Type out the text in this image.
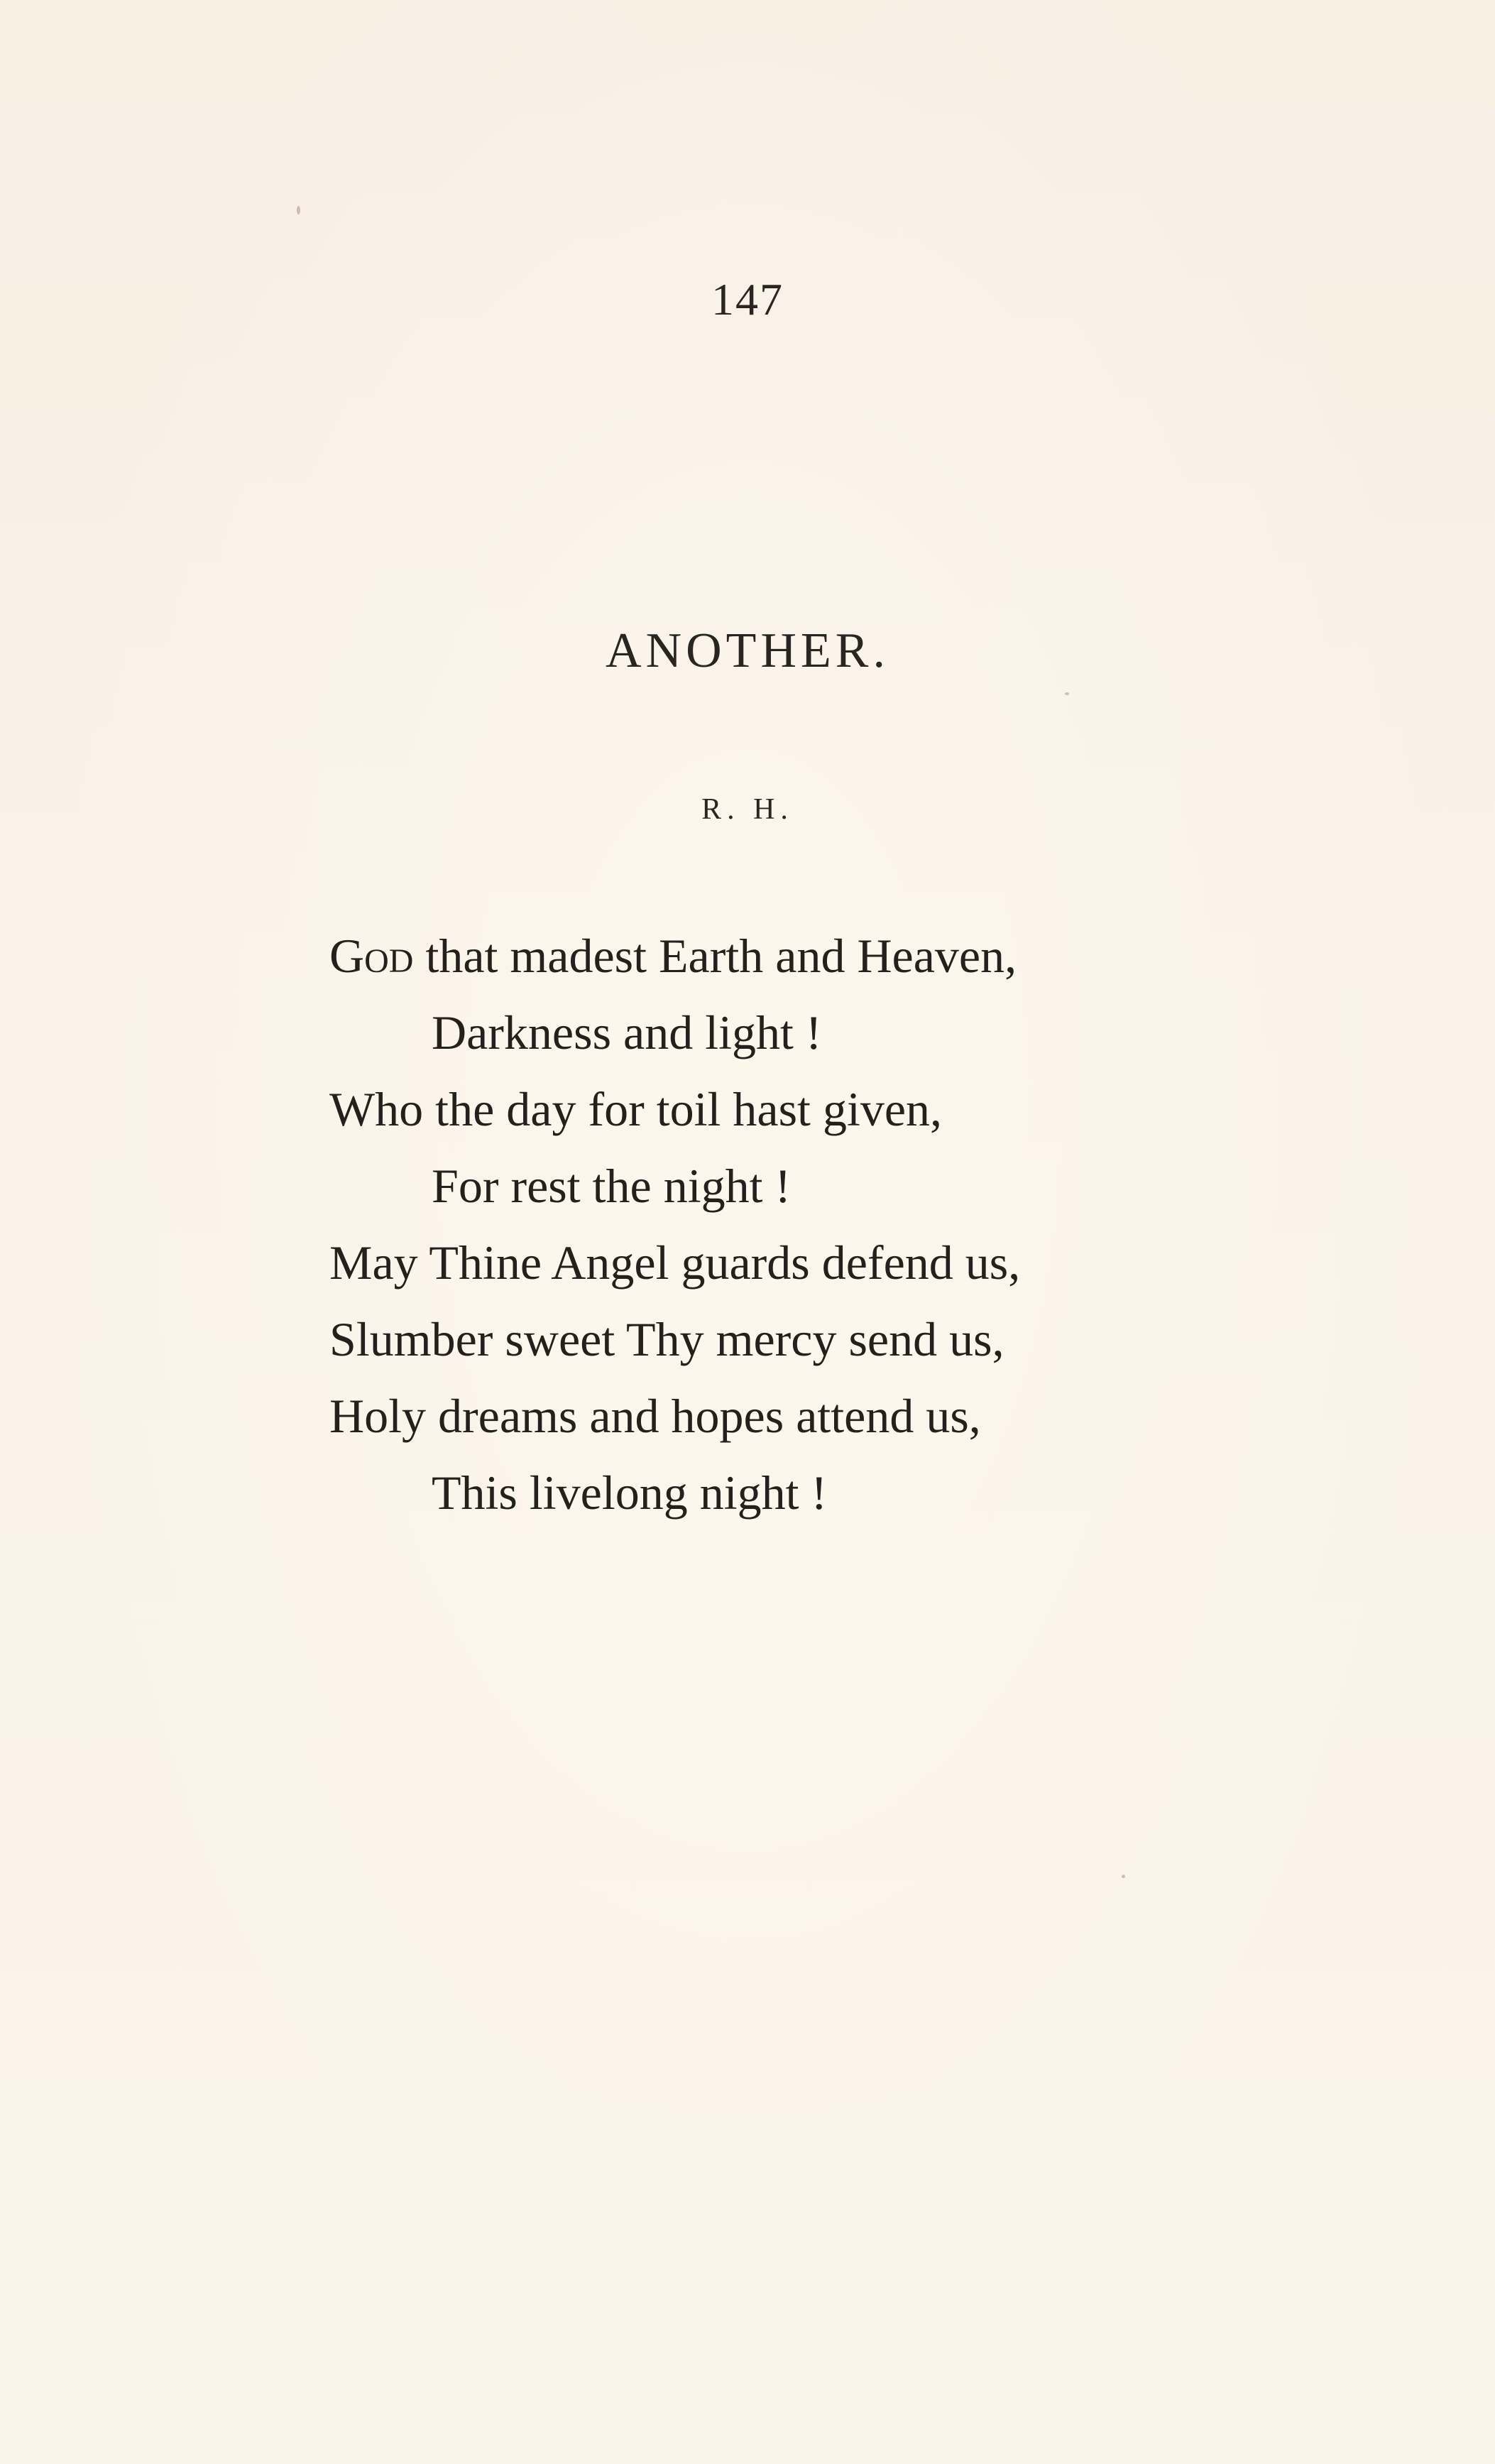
147
ANOTHER.
R. H.
God that madest Earth and Heaven,
Darkness and light !
Who the day for toil hast given,
For rest the night !
May Thine Angel guards defend us,
Slumber sweet Thy mercy send us,
Holy dreams and hopes attend us,
This livelong night !
